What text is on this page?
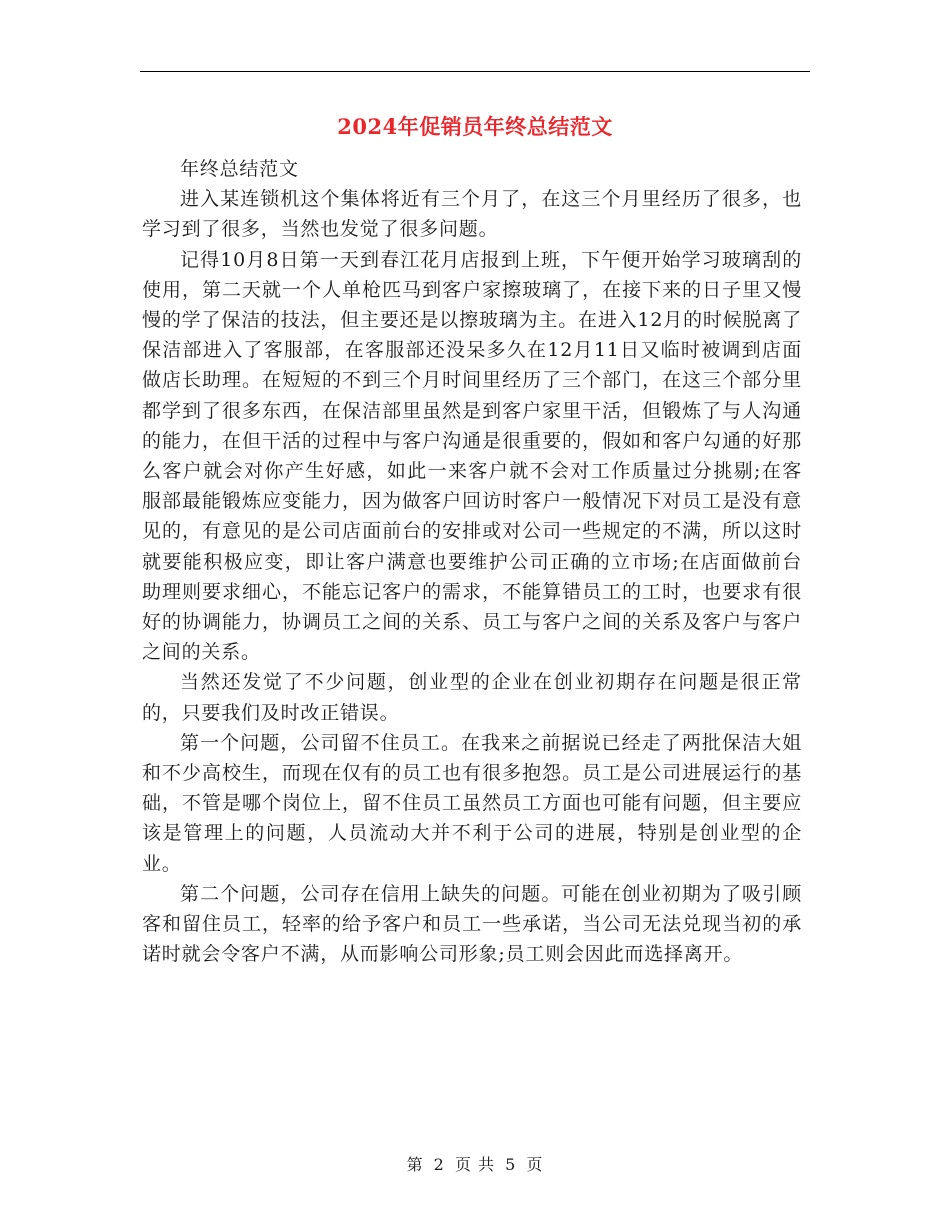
2024年促销员年终总结范文

年终总结范文

进入某连锁机这个集体将近有三个月了，在这三个月里经历了很多，也学习到了很多，当然也发觉了很多问题。

记得10月8日第一天到春江花月店报到上班，下午便开始学习玻璃刮的使用，第二天就一个人单枪匹马到客户家擦玻璃了，在接下来的日子里又慢慢的学了保洁的技法，但主要还是以擦玻璃为主。在进入12月的时候脱离了保洁部进入了客服部，在客服部还没呆多久在12月11日又临时被调到店面做店长助理。在短短的不到三个月时间里经历了三个部门，在这三个部分里都学到了很多东西，在保洁部里虽然是到客户家里干活，但锻炼了与人沟通的能力，在但干活的过程中与客户沟通是很重要的，假如和客户勾通的好那么客户就会对你产生好感，如此一来客户就不会对工作质量过分挑剔;在客服部最能锻炼应变能力，因为做客户回访时客户一般情况下对员工是没有意见的，有意见的是公司店面前台的安排或对公司一些规定的不满，所以这时就要能积极应变，即让客户满意也要维护公司正确的立市场;在店面做前台助理则要求细心，不能忘记客户的需求，不能算错员工的工时，也要求有很好的协调能力，协调员工之间的关系、员工与客户之间的关系及客户与客户之间的关系。

当然还发觉了不少问题，创业型的企业在创业初期存在问题是很正常的，只要我们及时改正错误。

第一个问题，公司留不住员工。在我来之前据说已经走了两批保洁大姐和不少高校生，而现在仅有的员工也有很多抱怨。员工是公司进展运行的基础，不管是哪个岗位上，留不住员工虽然员工方面也可能有问题，但主要应该是管理上的问题，人员流动大并不利于公司的进展，特别是创业型的企业。

第二个问题，公司存在信用上缺失的问题。可能在创业初期为了吸引顾客和留住员工，轻率的给予客户和员工一些承诺，当公司无法兑现当初的承诺时就会令客户不满，从而影响公司形象;员工则会因此而选择离开。

第 2 页 共 5 页
